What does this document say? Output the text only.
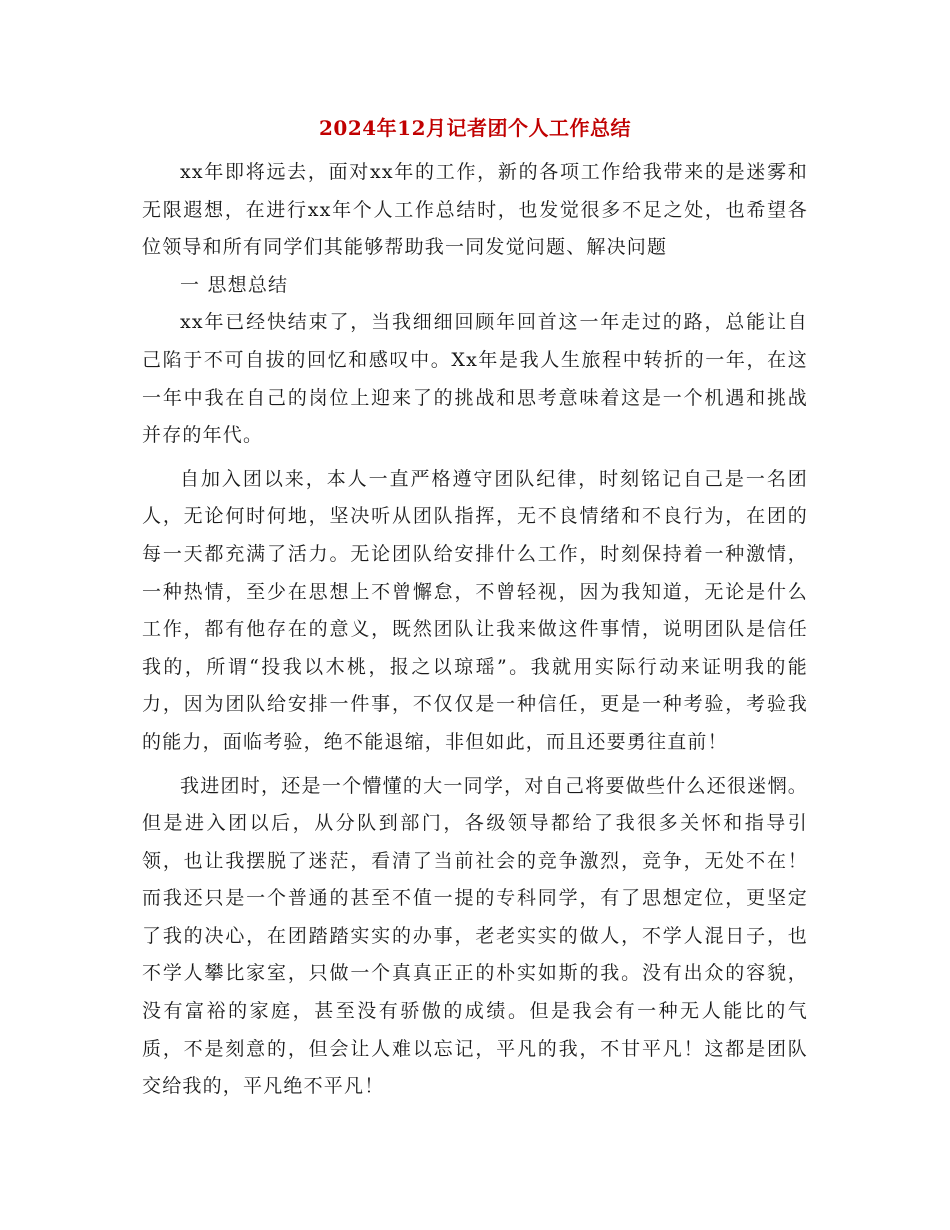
2024年12月记者团个人工作总结

xx年即将远去，面对xx年的工作，新的各项工作给我带来的是迷雾和无限遐想，在进行xx年个人工作总结时，也发觉很多不足之处，也希望各位领导和所有同学们其能够帮助我一同发觉问题、解决问题

一 思想总结

xx年已经快结束了，当我细细回顾年回首这一年走过的路，总能让自己陷于不可自拔的回忆和感叹中。Xx年是我人生旅程中转折的一年，在这一年中我在自己的岗位上迎来了的挑战和思考意味着这是一个机遇和挑战并存的年代。

自加入团以来，本人一直严格遵守团队纪律，时刻铭记自己是一名团人，无论何时何地，坚决听从团队指挥，无不良情绪和不良行为，在团的每一天都充满了活力。无论团队给安排什么工作，时刻保持着一种激情，一种热情，至少在思想上不曾懈怠，不曾轻视，因为我知道，无论是什么工作，都有他存在的意义，既然团队让我来做这件事情，说明团队是信任我的，所谓“投我以木桃，报之以琼瑶”。我就用实际行动来证明我的能力，因为团队给安排一件事，不仅仅是一种信任，更是一种考验，考验我的能力，面临考验，绝不能退缩，非但如此，而且还要勇往直前！

我进团时，还是一个懵懂的大一同学，对自己将要做些什么还很迷惘。但是进入团以后，从分队到部门，各级领导都给了我很多关怀和指导引领，也让我摆脱了迷茫，看清了当前社会的竞争激烈，竞争，无处不在！而我还只是一个普通的甚至不值一提的专科同学，有了思想定位，更坚定了我的决心，在团踏踏实实的办事，老老实实的做人，不学人混日子，也不学人攀比家室，只做一个真真正正的朴实如斯的我。没有出众的容貌，没有富裕的家庭，甚至没有骄傲的成绩。但是我会有一种无人能比的气质，不是刻意的，但会让人难以忘记，平凡的我，不甘平凡！这都是团队交给我的，平凡绝不平凡！
